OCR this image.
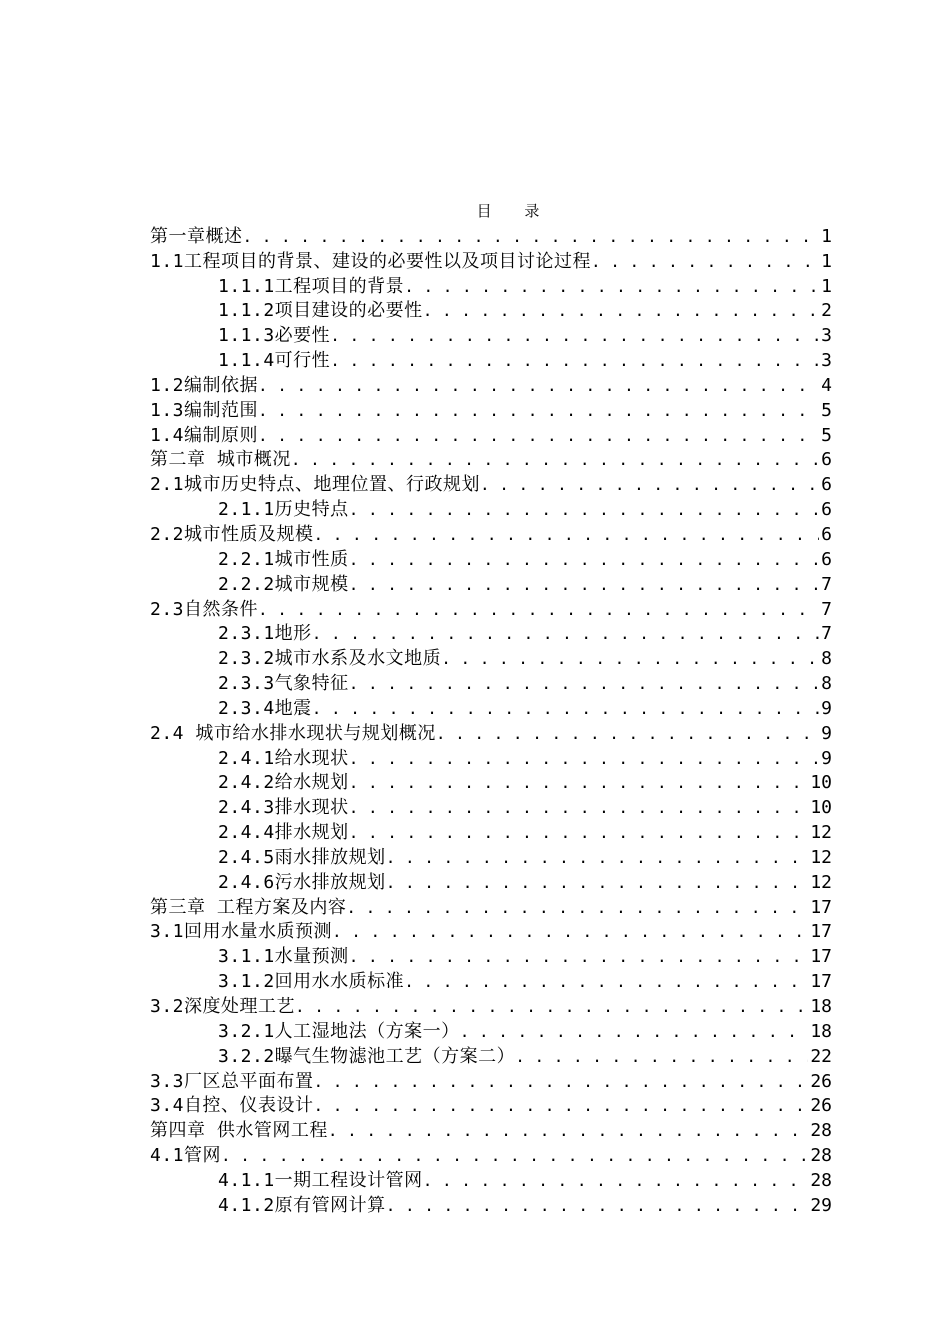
目 录
第一章概述 . . .	1
1.1工程项目的背景、建设的必要性以及项目讨论过程 . . .	1
1.1.1工程项目的背景 . . .	1
1.1.2项目建设的必要性 . . .	2
1.1.3必要性 . . .	3
1.1.4可行性 . . .	3
1.2编制依据 . . .	4
1.3编制范围 . . .	5
1.4编制原则 . . .	5
第二章 城市概况 . . .	6
2.1城市历史特点、地理位置、行政规划 . . .	6
2.1.1历史特点 . . .	6
2.2城市性质及规模 . . .	6
2.2.1城市性质 . . .	6
2.2.2城市规模 . . .	7
2.3自然条件 . . .	7
2.3.1地形 . . .	7
2.3.2城市水系及水文地质 . . .	8
2.3.3气象特征 . . .	8
2.3.4地震 . . .	9
2.4 城市给水排水现状与规划概况 . . .	9
2.4.1给水现状 . . .	9
2.4.2给水规划 . . .	10
2.4.3排水现状 . . .	10
2.4.4排水规划 . . .	12
2.4.5雨水排放规划 . . .	12
2.4.6污水排放规划 . . .	12
第三章 工程方案及内容 . . .	17
3.1回用水量水质预测 . . .	17
3.1.1水量预测 . . .	17
3.1.2回用水水质标准 . . .	17
3.2深度处理工艺 . . .	18
3.2.1人工湿地法（方案一） . . .	18
3.2.2曝气生物滤池工艺（方案二） . . .	22
3.3厂区总平面布置 . . .	26
3.4自控、仪表设计 . . .	26
第四章 供水管网工程 . . .	28
4.1管网 . . .	28
4.1.1一期工程设计管网 . . .	28
4.1.2原有管网计算 . . .	29
